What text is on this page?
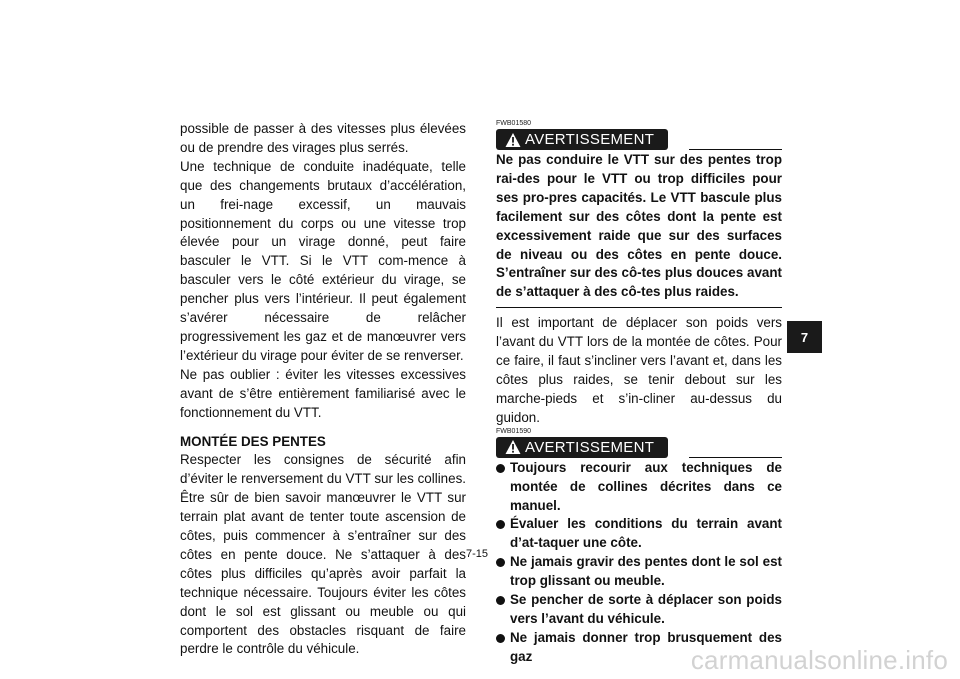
possible de passer à des vitesses plus élevées ou de prendre des virages plus serrés.

Une technique de conduite inadéquate, telle que des changements brutaux d’accélération, un frei-nage excessif, un mauvais positionnement du corps ou une vitesse trop élevée pour un virage donné, peut faire basculer le VTT. Si le VTT com-mence à basculer vers le côté extérieur du virage, se pencher plus vers l’intérieur. Il peut également s’avérer nécessaire de relâcher progressivement les gaz et de manœuvrer vers l’extérieur du virage pour éviter de se renverser.

Ne pas oublier : éviter les vitesses excessives avant de s’être entièrement familiarisé avec le fonctionnement du VTT.

MONTÉE DES PENTES

Respecter les consignes de sécurité afin d’éviter le renversement du VTT sur les collines. Être sûr de bien savoir manœuvrer le VTT sur terrain plat avant de tenter toute ascension de côtes, puis commencer à s’entraîner sur des côtes en pente douce. Ne s’attaquer à des côtes plus difficiles qu’après avoir parfait la technique nécessaire. Toujours éviter les côtes dont le sol est glissant ou meuble ou qui comportent des obstacles risquant de faire perdre le contrôle du véhicule.

FWB01580
AVERTISSEMENT

Ne pas conduire le VTT sur des pentes trop rai-des pour le VTT ou trop difficiles pour ses pro-pres capacités. Le VTT bascule plus facilement sur des côtes dont la pente est excessivement raide que sur des surfaces de niveau ou des côtes en pente douce. S’entraîner sur des cô-tes plus douces avant de s’attaquer à des cô-tes plus raides.

Il est important de déplacer son poids vers l’avant du VTT lors de la montée de côtes. Pour ce faire, il faut s’incliner vers l’avant et, dans les côtes plus raides, se tenir debout sur les marche-pieds et s’in-cliner au-dessus du guidon.

FWB01590
AVERTISSEMENT
Toujours recourir aux techniques de montée de collines décrites dans ce manuel.
Évaluer les conditions du terrain avant d’at-taquer une côte.
Ne jamais gravir des pentes dont le sol est trop glissant ou meuble.
Se pencher de sorte à déplacer son poids vers l’avant du véhicule.
Ne jamais donner trop brusquement des gaz
7-15
7
carmanualsonline.info
